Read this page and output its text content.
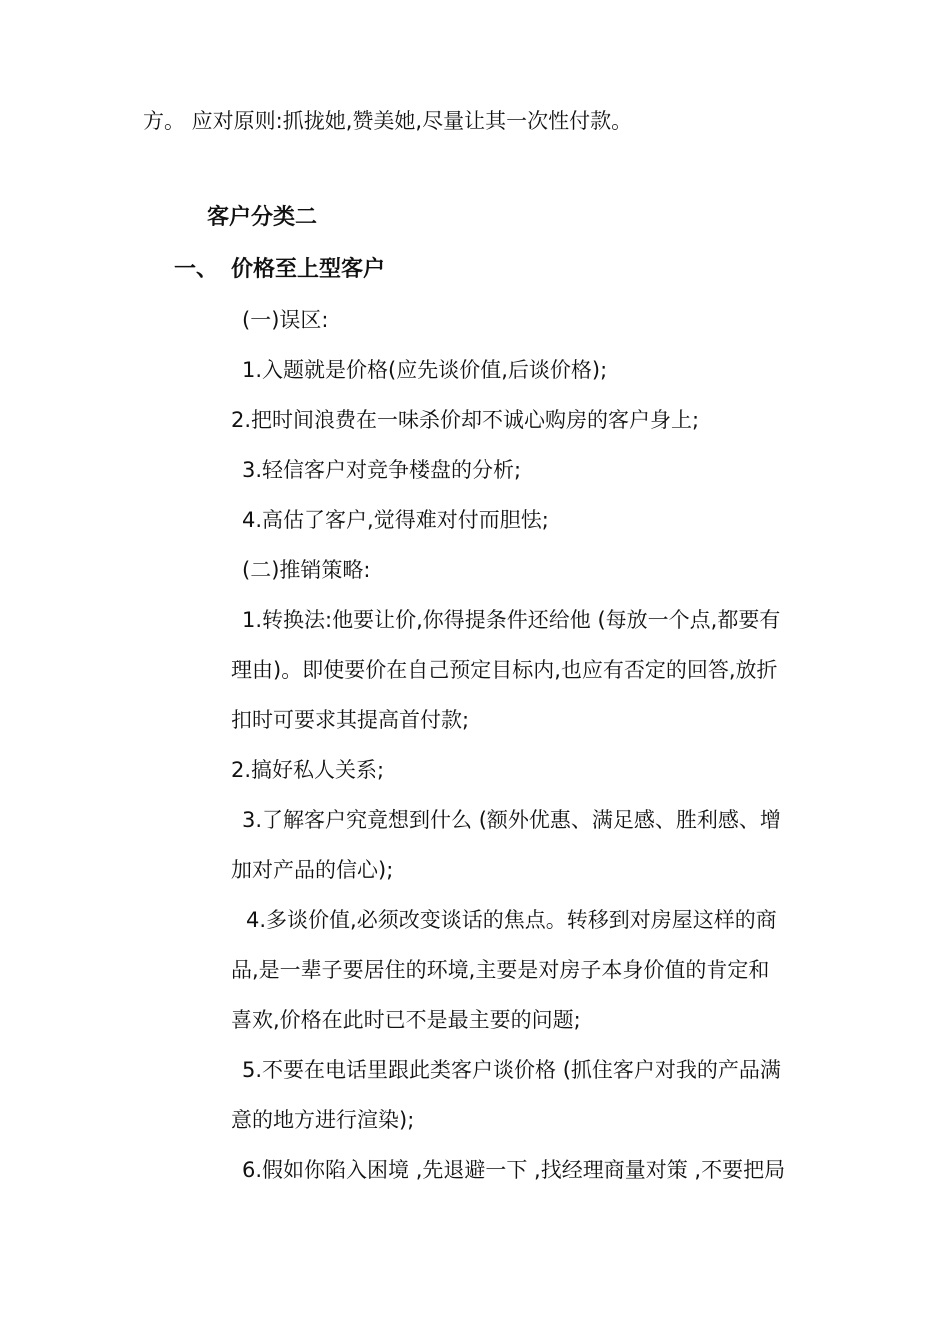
方。 应对原则:抓拢她,赞美她,尽量让其一次性付款。
客户分类二
一、 价格至上型客户
(一)误区:
1.入题就是价格(应先谈价值,后谈价格);
2.把时间浪费在一味杀价却不诚心购房的客户身上;
3.轻信客户对竞争楼盘的分析;
4.高估了客户,觉得难对付而胆怯;
(二)推销策略:
1.转换法:他要让价,你得提条件还给他 (每放一个点,都要有
理由)。即使要价在自己预定目标内,也应有否定的回答,放折
扣时可要求其提高首付款;
2.搞好私人关系;
3.了解客户究竟想到什么 (额外优惠、满足感、胜利感、增
加对产品的信心);
4.多谈价值,必须改变谈话的焦点。转移到对房屋这样的商
品,是一辈子要居住的环境,主要是对房子本身价值的肯定和
喜欢,价格在此时已不是最主要的问题;
5.不要在电话里跟此类客户谈价格 (抓住客户对我的产品满
意的地方进行渲染);
6.假如你陷入困境 ,先退避一下 ,找经理商量对策 ,不要把局
